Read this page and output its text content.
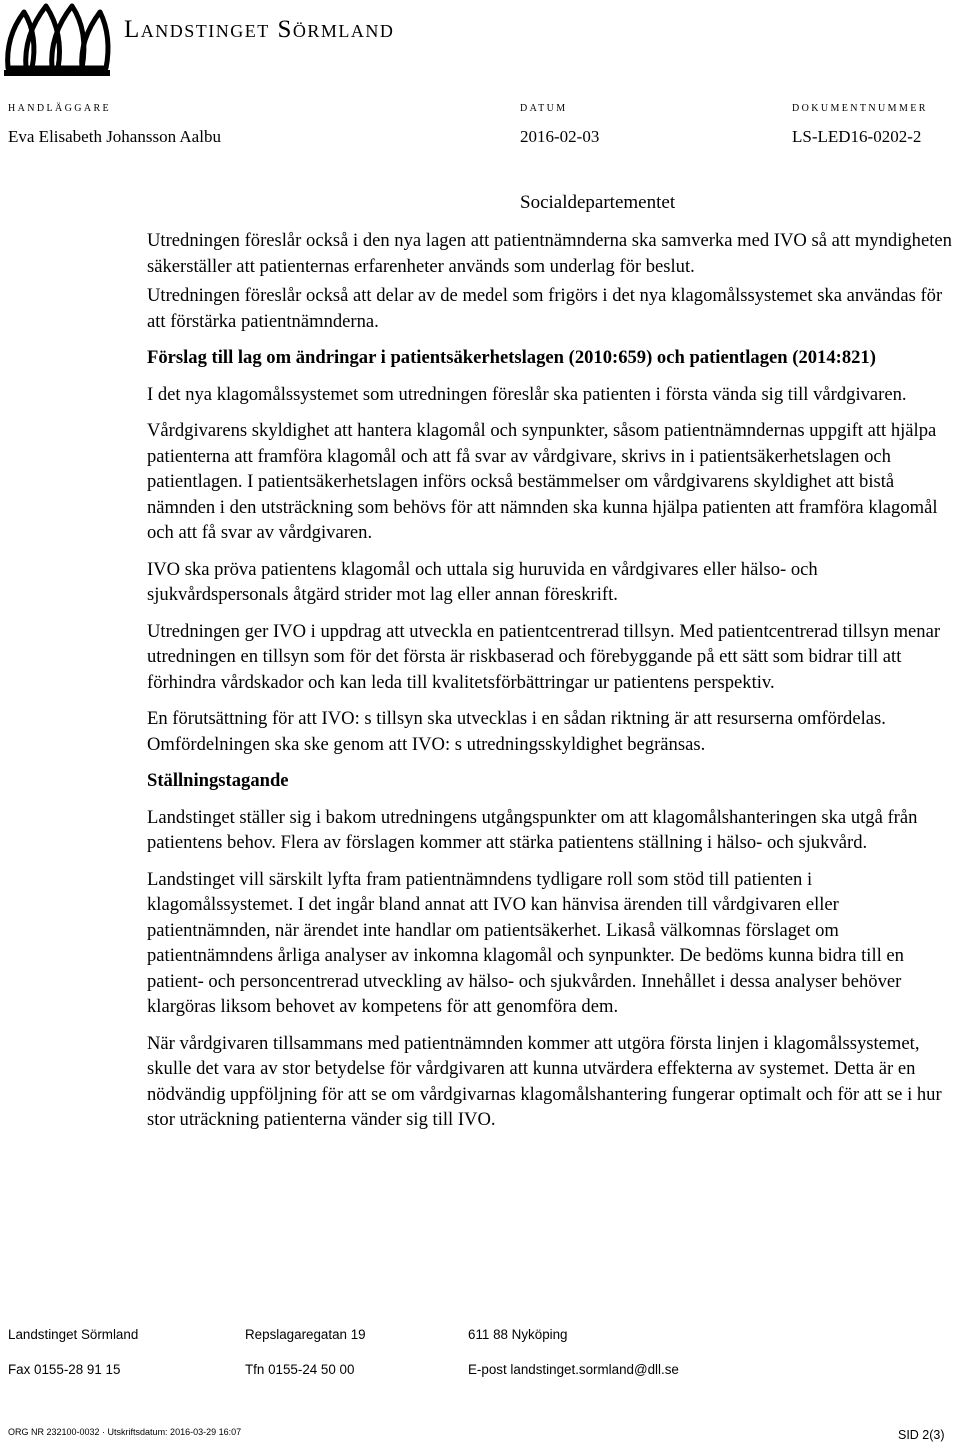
Landstinget Sörmland
HANDLÄGGARE	DATUM	DOKUMENTNUMMER
Eva Elisabeth Johansson Aalbu	2016-02-03	LS-LED16-0202-2
Socialdepartementet

Utredningen föreslår också i den nya lagen att patientnämnderna ska samverka med IVO så att myndigheten säkerställer att patienternas erfarenheter används som underlag för beslut.

Utredningen föreslår också att delar av de medel som frigörs i det nya klagomålssystemet ska användas för att förstärka patientnämnderna.

Förslag till lag om ändringar i patientsäkerhetslagen (2010:659) och patientlagen (2014:821)

I det nya klagomålssystemet som utredningen föreslår ska patienten i första vända sig till vårdgivaren.

Vårdgivarens skyldighet att hantera klagomål och synpunkter, såsom patientnämndernas uppgift att hjälpa patienterna att framföra klagomål och att få svar av vårdgivare, skrivs in i patientsäkerhetslagen och patientlagen. I patientsäkerhetslagen införs också bestämmelser om vårdgivarens skyldighet att bistå nämnden i den utsträckning som behövs för att nämnden ska kunna hjälpa patienten att framföra klagomål och att få svar av vårdgivaren.

IVO ska pröva patientens klagomål och uttala sig huruvida en vårdgivares eller hälso- och sjukvårdspersonals åtgärd strider mot lag eller annan föreskrift.

Utredningen ger IVO i uppdrag att utveckla en patientcentrerad tillsyn. Med patientcentrerad tillsyn menar utredningen en tillsyn som för det första är riskbaserad och förebyggande på ett sätt som bidrar till att förhindra vårdskador och kan leda till kvalitetsförbättringar ur patientens perspektiv.

En förutsättning för att IVO: s tillsyn ska utvecklas i en sådan riktning är att resurserna omfördelas. Omfördelningen ska ske genom att IVO: s utredningsskyldighet begränsas.

Ställningstagande

Landstinget ställer sig i bakom utredningens utgångspunkter om att klagomålshanteringen ska utgå från patientens behov. Flera av förslagen kommer att stärka patientens ställning i hälso- och sjukvård.

Landstinget vill särskilt lyfta fram patientnämndens tydligare roll som stöd till patienten i klagomålssystemet. I det ingår bland annat att IVO kan hänvisa ärenden till vårdgivaren eller patientnämnden, när ärendet inte handlar om patientsäkerhet. Likaså välkomnas förslaget om patientnämndens årliga analyser av inkomna klagomål och synpunkter. De bedöms kunna bidra till en patient- och personcentrerad utveckling av hälso- och sjukvården. Innehållet i dessa analyser behöver klargöras liksom behovet av kompetens för att genomföra dem.

När vårdgivaren tillsammans med patientnämnden kommer att utgöra första linjen i klagomålssystemet, skulle det vara av stor betydelse för vårdgivaren att kunna utvärdera effekterna av systemet. Detta är en nödvändig uppföljning för att se om vårdgivarnas klagomålshantering fungerar optimalt och för att se i hur stor uträckning patienterna vänder sig till IVO.

Landstinget Sörmland	Repslagaregatan 19	611 88 Nyköping
Fax 0155-28 91 15	Tfn 0155-24 50 00	E-post landstinget.sormland@dll.se
ORG NR 232100-0032 · Utskriftsdatum: 2016-03-29 16:07	SID 2(3)
